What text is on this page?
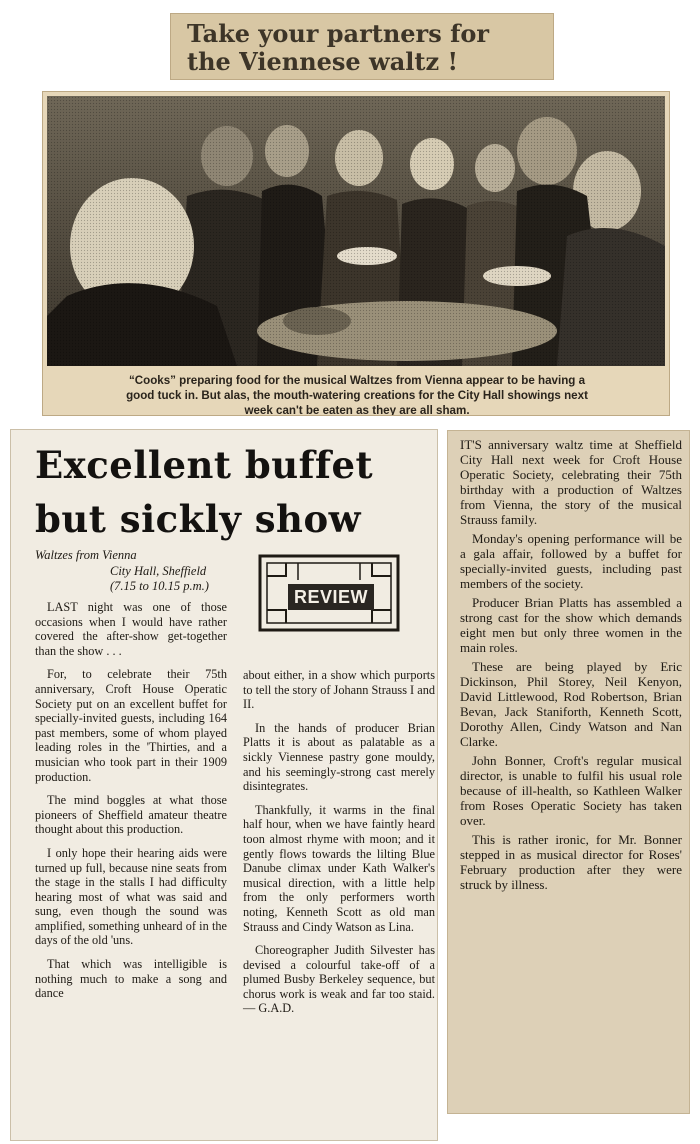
Take your partners for
the Viennese waltz !
“Cooks” preparing food for the musical Waltzes from Vienna appear to be having a
good tuck in. But alas, the mouth-watering creations for the City Hall showings next
week can't be eaten as they are all sham.
Excellent buffet
but sickly show
Waltzes from Vienna
City Hall, Sheffield
(7.15 to 10.15 p.m.)
REVIEW

LAST night was one of those occasions when I would have rather covered the after-show get-together than the show . . .

For, to celebrate their 75th anniversary, Croft House Operatic Society put on an excellent buffet for specially-invited guests, including 164 past members, some of whom played leading roles in the 'Thirties, and a musician who took part in their 1909 production.

The mind boggles at what those pioneers of Sheffield amateur theatre thought about this production.

I only hope their hearing aids were turned up full, because nine seats from the stage in the stalls I had difficulty hearing most of what was said and sung, even though the sound was amplified, something unheard of in the days of the old 'uns.

That which was intelligible is nothing much to make a song and dance

about either, in a show which purports to tell the story of Johann Strauss I and II.

In the hands of producer Brian Platts it is about as palatable as a sickly Viennese pastry gone mouldy, and his seemingly-strong cast merely disintegrates.

Thankfully, it warms in the final half hour, when we have faintly heard toon almost rhyme with moon; and it gently flows towards the lilting Blue Danube climax under Kath Walker's musical direction, with a little help from the only performers worth noting, Kenneth Scott as old man Strauss and Cindy Watson as Lina.

Choreographer Judith Silvester has devised a colourful take-off of a plumed Busby Berkeley sequence, but chorus work is weak and far too staid. — G.A.D.

IT'S anniversary waltz time at Sheffield City Hall next week for Croft House Operatic Society, celebrating their 75th birthday with a production of Waltzes from Vienna, the story of the musical Strauss family.

Monday's opening performance will be a gala affair, followed by a buffet for specially-invited guests, including past members of the society.

Producer Brian Platts has assembled a strong cast for the show which demands eight men but only three women in the main roles.

These are being played by Eric Dickinson, Phil Storey, Neil Kenyon, David Littlewood, Rod Robertson, Brian Bevan, Jack Staniforth, Kenneth Scott, Dorothy Allen, Cindy Watson and Nan Clarke.

John Bonner, Croft's regular musical director, is unable to fulfil his usual role because of ill-health, so Kathleen Walker from Roses Operatic Society has taken over.

This is rather ironic, for Mr. Bonner stepped in as musical director for Roses' February production after they were struck by illness.
